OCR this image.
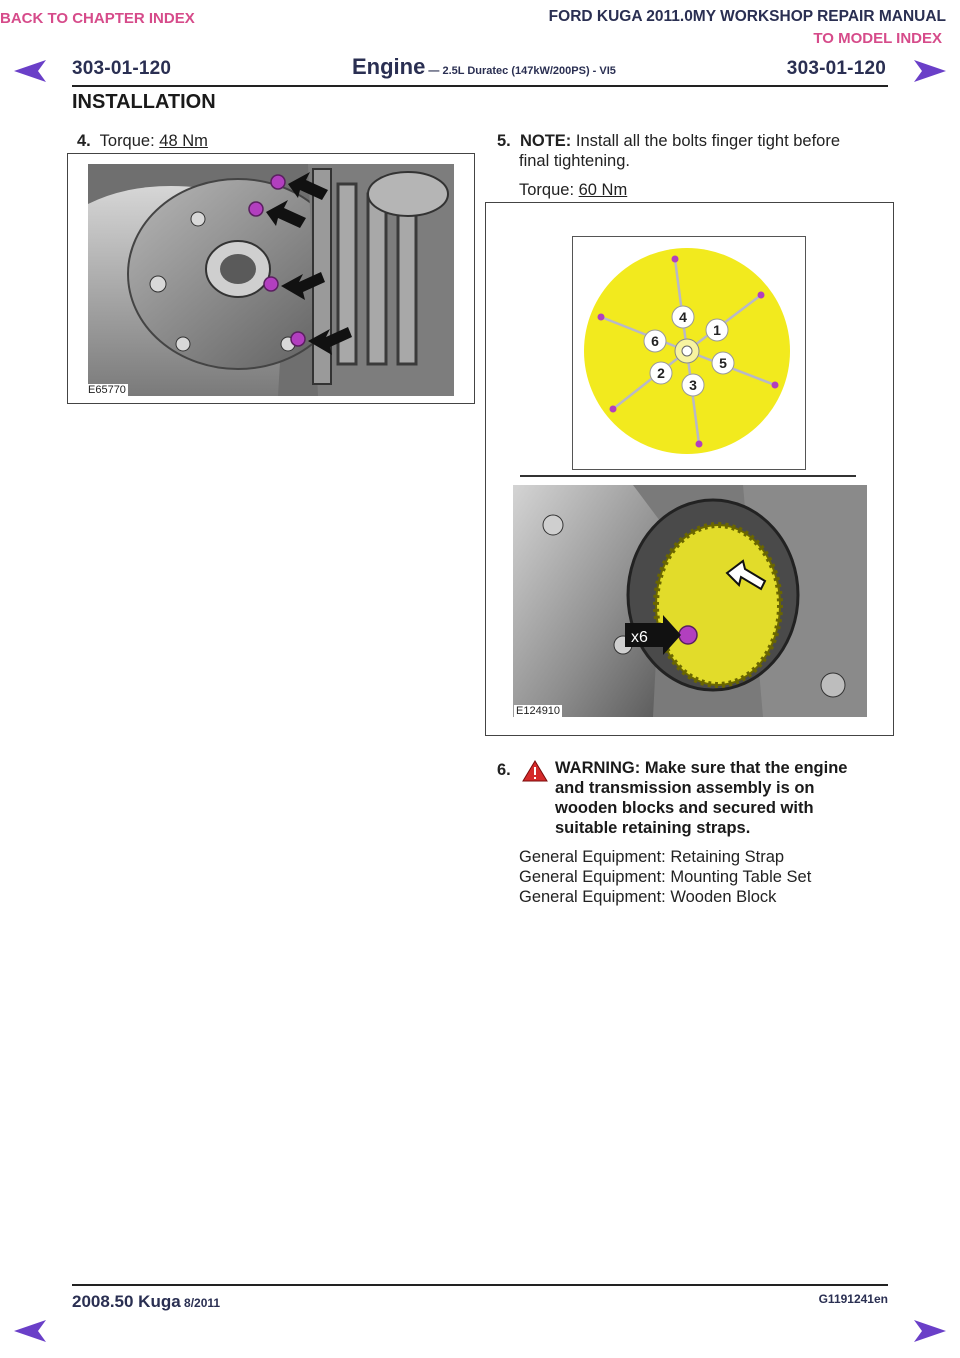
BACK TO CHAPTER INDEX	FORD KUGA 2011.0MY WORKSHOP REPAIR MANUAL
TO MODEL INDEX
303-01-120	Engine — 2.5L Duratec (147kW/200PS) - VI5	303-01-120
INSTALLATION
4. Torque: 48 Nm
E65770
5. NOTE: Install all the bolts finger tight before
final tightening.
Torque: 60 Nm
4
1
6
5
2
3
x6
E124910
6.	WARNING: Make sure that the engine
and transmission assembly is on
wooden blocks and secured with
suitable retaining straps.
General Equipment: Retaining Strap
General Equipment: Mounting Table Set
General Equipment: Wooden Block
2008.50 Kuga 8/2011	G1191241en
